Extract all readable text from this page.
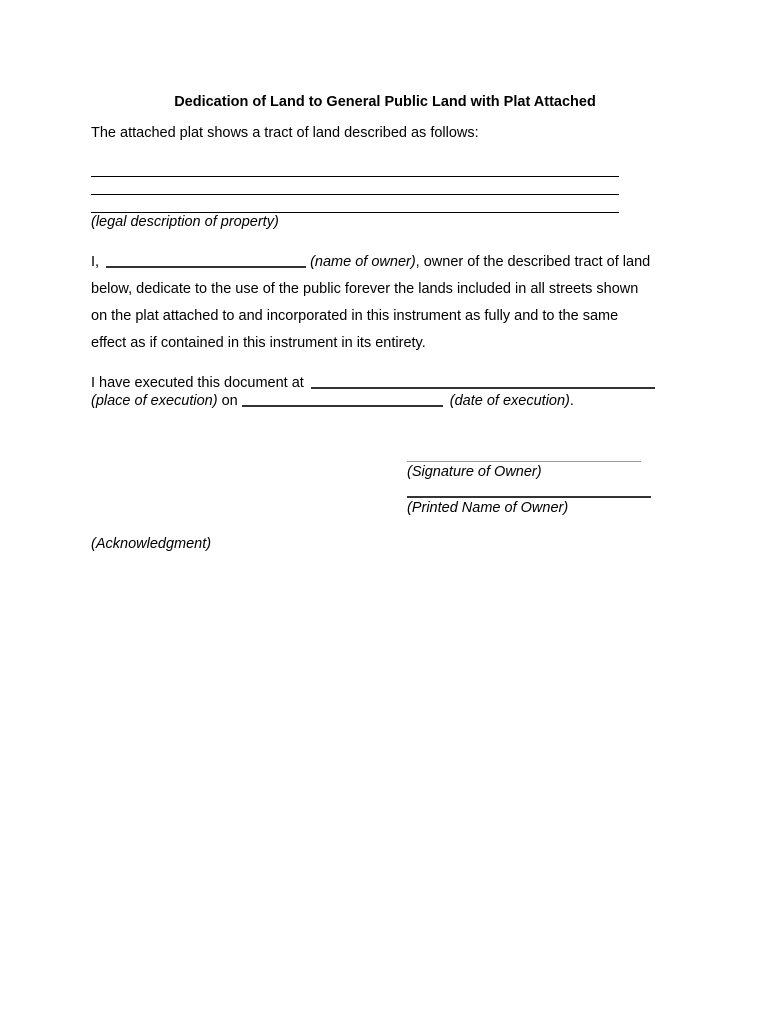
Dedication of Land to General Public Land with Plat Attached
The attached plat shows a tract of land described as follows:
(legal description of property)
I,	(name of owner), owner of the described tract of land
below, dedicate to the use of the public forever the lands included in all streets shown
on the plat attached to and incorporated in this instrument as fully and to the same
effect as if contained in this instrument in its entirety.
I have executed this document at
(place of execution) on	(date of execution).
(Signature of Owner)
(Printed Name of Owner)
(Acknowledgment)
